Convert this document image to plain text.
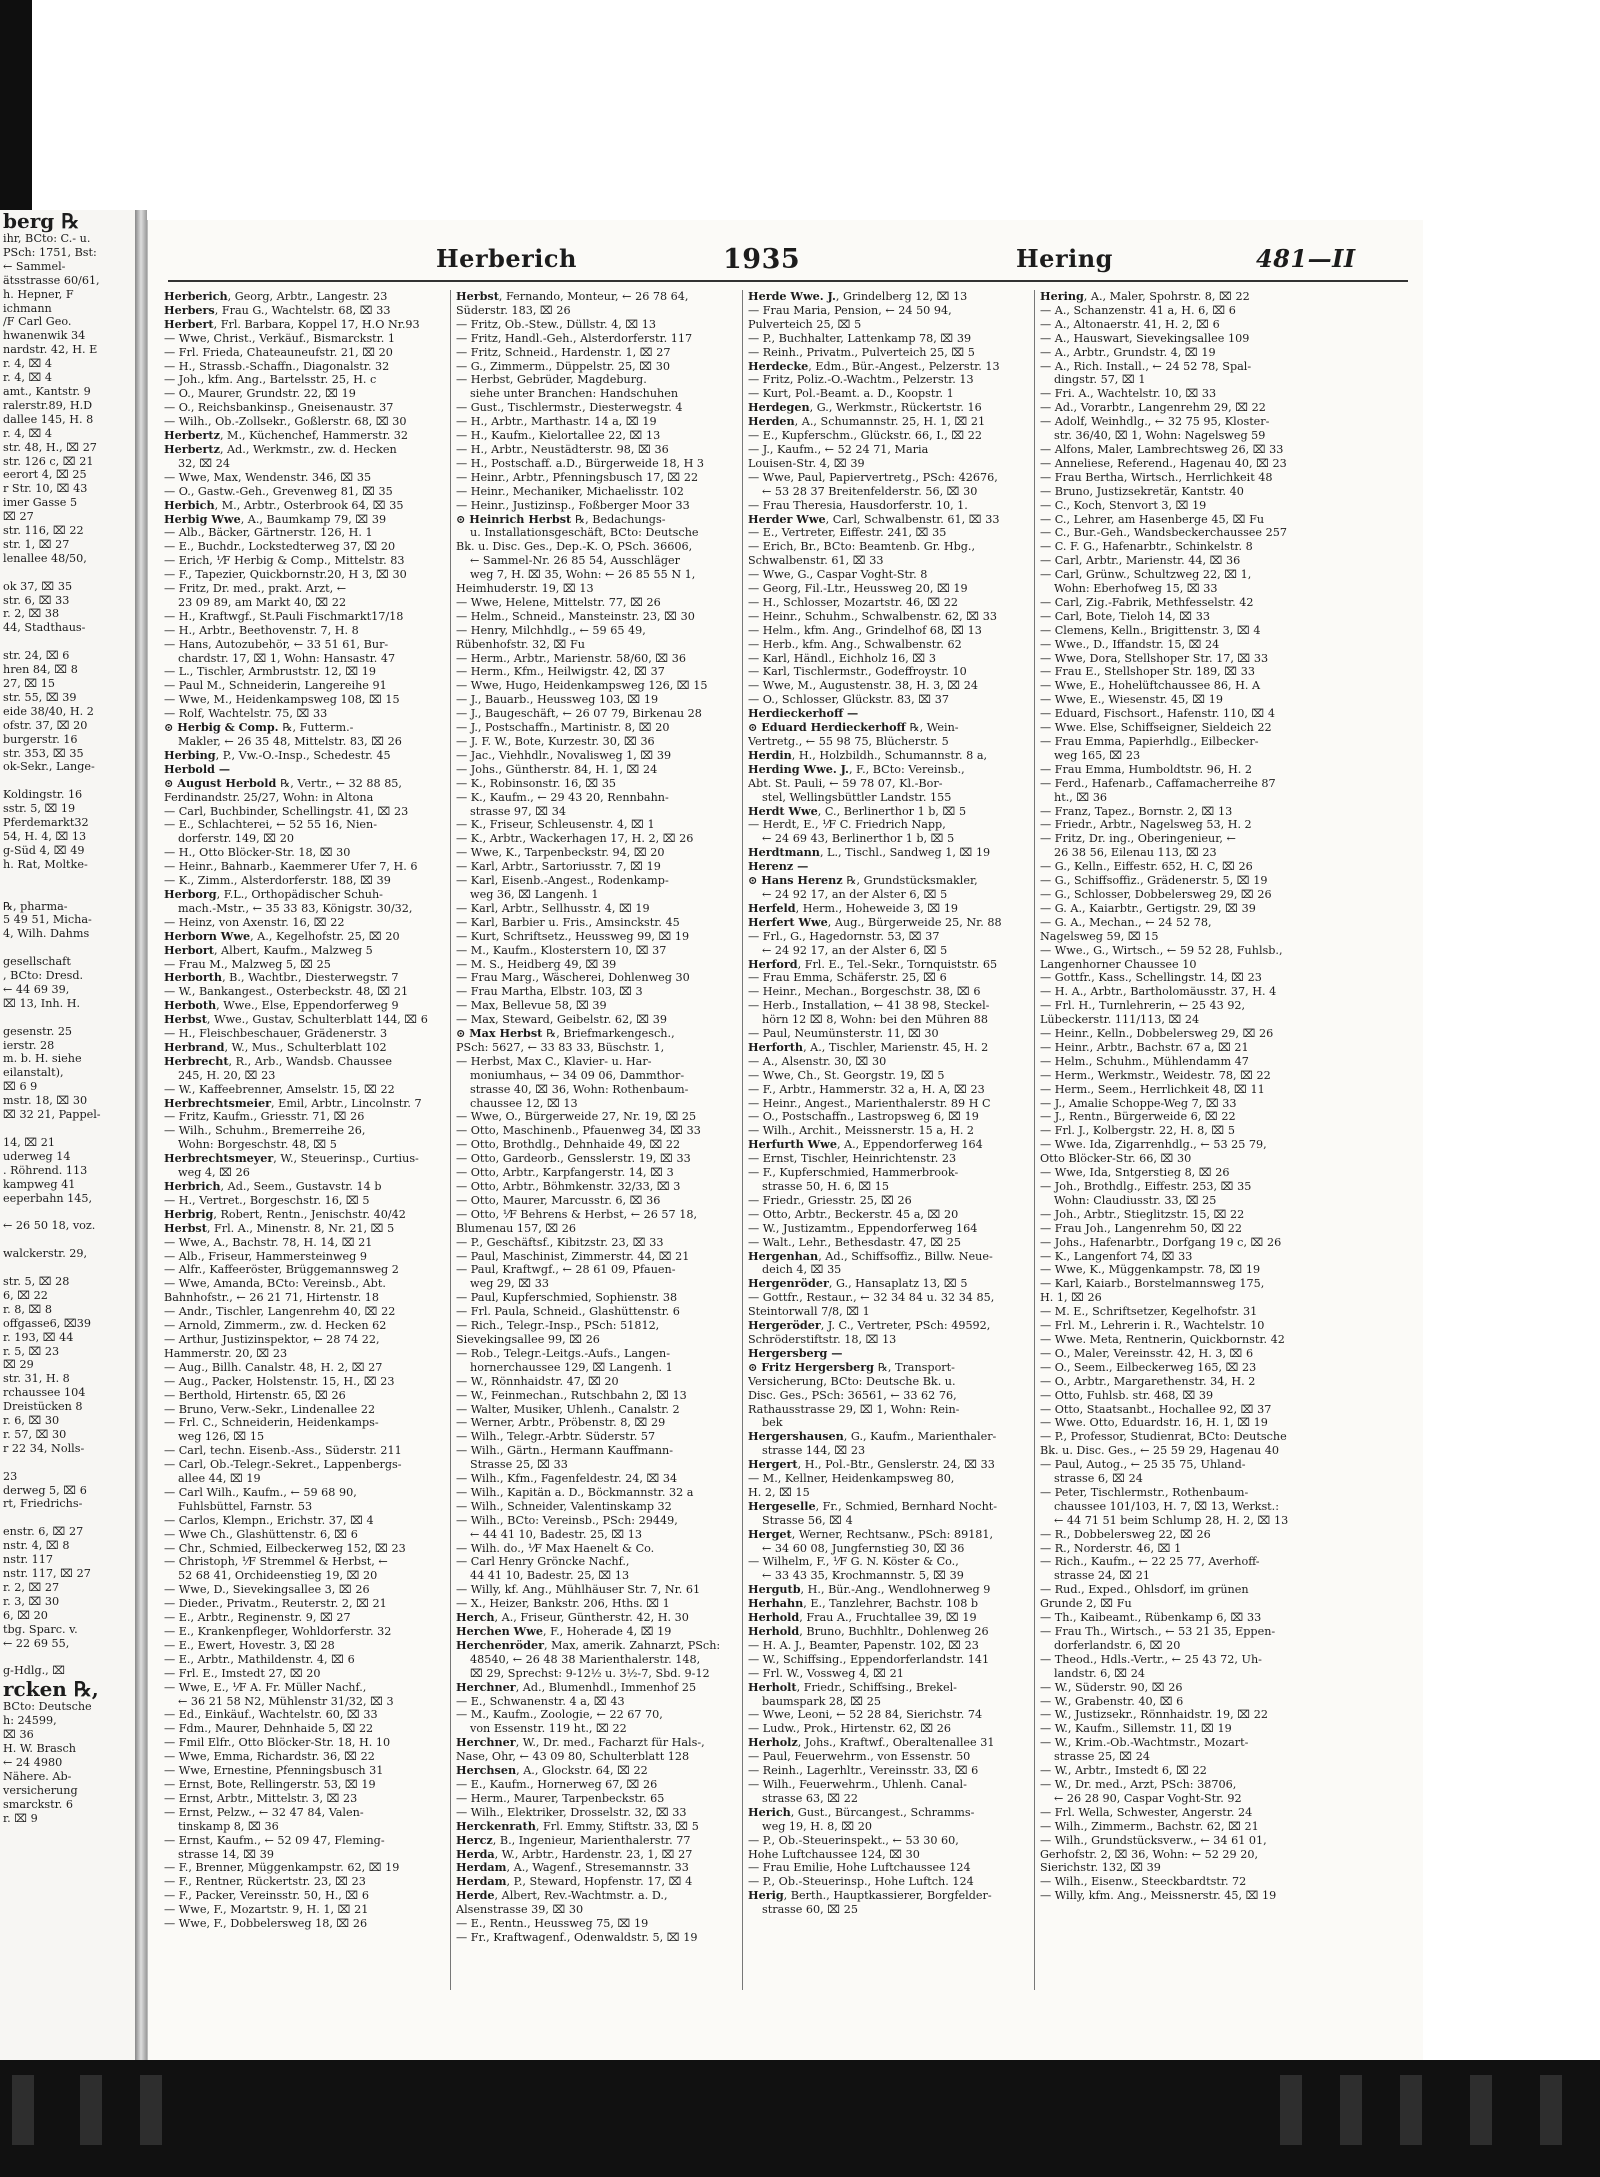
berg ℞
ihr, BCto: C.- u.
PSch: 1751, Bst:
← Sammel-
ätsstrasse 60/61,
h. Hepner, F
ichmann
/F Carl Geo.
hwanenwik 34
nardstr. 42, H. E
r. 4, ⌧ 4
r. 4, ⌧ 4
amt., Kantstr. 9
ralerstr.89, H.D
dallee 145, H. 8
r. 4, ⌧ 4
str. 48, H., ⌧ 27
str. 126 c, ⌧ 21
eerort 4, ⌧ 25
r Str. 10, ⌧ 43
imer Gasse 5
⌧ 27
str. 116, ⌧ 22
str. 1, ⌧ 27
lenallee 48/50,

ok 37, ⌧ 35
str. 6, ⌧ 33
r. 2, ⌧ 38
44, Stadthaus-

str. 24, ⌧ 6
hren 84, ⌧ 8
27, ⌧ 15
str. 55, ⌧ 39
eide 38/40, H. 2
ofstr. 37, ⌧ 20
burgerstr. 16
str. 353, ⌧ 35
ok-Sekr., Lange-

Koldingstr. 16
sstr. 5, ⌧ 19
Pferdemarkt32
54, H. 4, ⌧ 13
g-Süd 4, ⌧ 49
h. Rat, Moltke-

℞, pharma-
5 49 51, Micha-
4, Wilh. Dahms

gesellschaft
, BCto: Dresd.
← 44 69 39,
⌧ 13, Inh. H.

gesenstr. 25
ierstr. 28
m. b. H. siehe
eilanstalt),
⌧ 6 9
mstr. 18, ⌧ 30
⌧ 32 21, Pappel-

14, ⌧ 21
uderweg 14
. Röhrend. 113
kampweg 41
eeperbahn 145,

← 26 50 18, voz.

walckerstr. 29,

str. 5, ⌧ 28
6, ⌧ 22
r. 8, ⌧ 8
offgasse6, ⌧39
r. 193, ⌧ 44
r. 5, ⌧ 23
⌧ 29
str. 31, H. 8
rchaussee 104
Dreistücken 8
r. 6, ⌧ 30
r. 57, ⌧ 30
r 22 34, Nolls-

23
derweg 5, ⌧ 6
rt, Friedrichs-

enstr. 6, ⌧ 27
nstr. 4, ⌧ 8
nstr. 117
nstr. 117, ⌧ 27
r. 2, ⌧ 27
r. 3, ⌧ 30
6, ⌧ 20
tbg. Sparc. v.
← 22 69 55,

g-Hdlg., ⌧
rcken ℞,
BCto: Deutsche
h: 24599,
⌧ 36
H. W. Brasch
← 24 4980
Nähere. Ab-
versicherung
smarckstr. 6
r. ⌧ 9
Herberich	1935	Hering	481—II
Herberich, Georg, Arbtr., Langestr. 23
Herbers, Frau G., Wachtelstr. 68, ⌧ 33
Herbert, Frl. Barbara, Koppel 17, H.O Nr.93
— Wwe, Christ., Verkäuf., Bismarckstr. 1
— Frl. Frieda, Chateauneufstr. 21, ⌧ 20
— H., Strassb.-Schaffn., Diagonalstr. 32
— Joh., kfm. Ang., Bartelsstr. 25, H. c
— O., Maurer, Grundstr. 22, ⌧ 19
— O., Reichsbankinsp., Gneisenaustr. 37
— Wilh., Ob.-Zollsekr., Goßlerstr. 68, ⌧ 30
Herbertz, M., Küchenchef, Hammerstr. 32
Herbertz, Ad., Werkmstr., zw. d. Hecken
32, ⌧ 24
— Wwe, Max, Wendenstr. 346, ⌧ 35
— O., Gastw.-Geh., Grevenweg 81, ⌧ 35
Herbich, M., Arbtr., Osterbrook 64, ⌧ 35
Herbig Wwe, A., Baumkamp 79, ⌧ 39
— Alb., Bäcker, Gärtnerstr. 126, H. 1
— E., Buchdr., Lockstedterweg 37, ⌧ 20
— Erich, ⅟F Herbig & Comp., Mittelstr. 83
— F., Tapezier, Quickbornstr.20, H 3, ⌧ 30
— Fritz, Dr. med., prakt. Arzt, ←
23 09 89, am Markt 40, ⌧ 22
— H., Kraftwgf., St.Pauli Fischmarkt17/18
— H., Arbtr., Beethovenstr. 7, H. 8
— Hans, Autozubehör, ← 33 51 61, Bur-
chardstr. 17, ⌧ 1, Wohn: Hansastr. 47
— L., Tischler, Armbruststr. 12, ⌧ 19
— Paul M., Schneiderin, Langereihe 91
— Wwe, M., Heidenkampsweg 108, ⌧ 15
— Rolf, Wachtelstr. 75, ⌧ 33
⊙ Herbig & Comp. ℞, Futterm.-
Makler, ← 26 35 48, Mittelstr. 83, ⌧ 26
Herbing, P., Vw.-O.-Insp., Schedestr. 45
Herbold —
⊙ August Herbold ℞, Vertr., ← 32 88 85,
Ferdinandstr. 25/27, Wohn: in Altona
— Carl, Buchbinder, Schellingstr. 41, ⌧ 23
— E., Schlachterei, ← 52 55 16, Nien-
dorferstr. 149, ⌧ 20
— H., Otto Blöcker-Str. 18, ⌧ 30
— Heinr., Bahnarb., Kaemmerer Ufer 7, H. 6
— K., Zimm., Alsterdorferstr. 188, ⌧ 39
Herborg, F.L., Orthopädischer Schuh-
mach.-Mstr., ← 35 33 83, Königstr. 30/32,
— Heinz, von Axenstr. 16, ⌧ 22
Herborn Wwe, A., Kegelhofstr. 25, ⌧ 20
Herbort, Albert, Kaufm., Malzweg 5
— Frau M., Malzweg 5, ⌧ 25
Herborth, B., Wachtbr., Diesterwegstr. 7
— W., Bankangest., Osterbeckstr. 48, ⌧ 21
Herboth, Wwe., Else, Eppendorferweg 9
Herbst, Wwe., Gustav, Schulterblatt 144, ⌧ 6
— H., Fleischbeschauer, Grädenerstr. 3
Herbrand, W., Mus., Schulterblatt 102
Herbrecht, R., Arb., Wandsb. Chaussee
245, H. 20, ⌧ 23
— W., Kaffeebrenner, Amselstr. 15, ⌧ 22
Herbrechtsmeier, Emil, Arbtr., Lincolnstr. 7
— Fritz, Kaufm., Griesstr. 71, ⌧ 26
— Wilh., Schuhm., Bremerreihe 26,
Wohn: Borgeschstr. 48, ⌧ 5
Herbrechtsmeyer, W., Steuerinsp., Curtius-
weg 4, ⌧ 26
Herbrich, Ad., Seem., Gustavstr. 14 b
— H., Vertret., Borgeschstr. 16, ⌧ 5
Herbrig, Robert, Rentn., Jenischstr. 40/42
Herbst, Frl. A., Minenstr. 8, Nr. 21, ⌧ 5
— Wwe, A., Bachstr. 78, H. 14, ⌧ 21
— Alb., Friseur, Hammersteinweg 9
— Alfr., Kaffeeröster, Brüggemannsweg 2
— Wwe, Amanda, BCto: Vereinsb., Abt.
Bahnhofstr., ← 26 21 71, Hirtenstr. 18
— Andr., Tischler, Langenrehm 40, ⌧ 22
— Arnold, Zimmerm., zw. d. Hecken 62
— Arthur, Justizinspektor, ← 28 74 22,
Hammerstr. 20, ⌧ 23
— Aug., Billh. Canalstr. 48, H. 2, ⌧ 27
— Aug., Packer, Holstenstr. 15, H., ⌧ 23
— Berthold, Hirtenstr. 65, ⌧ 26
— Bruno, Verw.-Sekr., Lindenallee 22
— Frl. C., Schneiderin, Heidenkamps-
weg 126, ⌧ 15
— Carl, techn. Eisenb.-Ass., Süderstr. 211
— Carl, Ob.-Telegr.-Sekret., Lappenbergs-
allee 44, ⌧ 19
— Carl Wilh., Kaufm., ← 59 68 90,
Fuhlsbüttel, Farnstr. 53
— Carlos, Klempn., Erichstr. 37, ⌧ 4
— Wwe Ch., Glashüttenstr. 6, ⌧ 6
— Chr., Schmied, Eilbeckerweg 152, ⌧ 23
— Christoph, ⅟F Stremmel & Herbst, ←
52 68 41, Orchideenstieg 19, ⌧ 20
— Wwe, D., Sievekingsallee 3, ⌧ 26
— Dieder., Privatm., Reuterstr. 2, ⌧ 21
— E., Arbtr., Reginenstr. 9, ⌧ 27
— E., Krankenpfleger, Wohldorferstr. 32
— E., Ewert, Hovestr. 3, ⌧ 28
— E., Arbtr., Mathildenstr. 4, ⌧ 6
— Frl. E., Imstedt 27, ⌧ 20
— Wwe, E., ⅟F A. Fr. Müller Nachf.,
← 36 21 58 N2, Mühlenstr 31/32, ⌧ 3
— Ed., Einkäuf., Wachtelstr. 60, ⌧ 33
— Fdm., Maurer, Dehnhaide 5, ⌧ 22
— Fmil Elfr., Otto Blöcker-Str. 18, H. 10
— Wwe, Emma, Richardstr. 36, ⌧ 22
— Wwe, Ernestine, Pfenningsbusch 31
— Ernst, Bote, Rellingerstr. 53, ⌧ 19
— Ernst, Arbtr., Mittelstr. 3, ⌧ 23
— Ernst, Pelzw., ← 32 47 84, Valen-
tinskamp 8, ⌧ 36
— Ernst, Kaufm., ← 52 09 47, Fleming-
strasse 14, ⌧ 39
— F., Brenner, Müggenkampstr. 62, ⌧ 19
— F., Rentner, Rückertstr. 23, ⌧ 23
— F., Packer, Vereinsstr. 50, H., ⌧ 6
— Wwe, F., Mozartstr. 9, H. 1, ⌧ 21
— Wwe, F., Dobbelersweg 18, ⌧ 26
Herbst, Fernando, Monteur, ← 26 78 64,
Süderstr. 183, ⌧ 26
— Fritz, Ob.-Stew., Düllstr. 4, ⌧ 13
— Fritz, Handl.-Geh., Alsterdorferstr. 117
— Fritz, Schneid., Hardenstr. 1, ⌧ 27
— G., Zimmerm., Düppelstr. 25, ⌧ 30
— Herbst, Gebrüder, Magdeburg.
siehe unter Branchen: Handschuhen
— Gust., Tischlermstr., Diesterwegstr. 4
— H., Arbtr., Marthastr. 14 a, ⌧ 19
— H., Kaufm., Kielortallee 22, ⌧ 13
— H., Arbtr., Neustädterstr. 98, ⌧ 36
— H., Postschaff. a.D., Bürgerweide 18, H 3
— Heinr., Arbtr., Pfenningsbusch 17, ⌧ 22
— Heinr., Mechaniker, Michaelisstr. 102
— Heinr., Justizinsp., Foßberger Moor 33
⊙ Heinrich Herbst ℞, Bedachungs-
u. Installationsgeschäft, BCto: Deutsche
Bk. u. Disc. Ges., Dep.-K. O, PSch. 36606,
← Sammel-Nr. 26 85 54, Ausschläger
weg 7, H. ⌧ 35, Wohn: ← 26 85 55 N 1,
Heimhuderstr. 19, ⌧ 13
— Wwe, Helene, Mittelstr. 77, ⌧ 26
— Helm., Schneid., Mansteinstr. 23, ⌧ 30
— Henry, Milchhdlg., ← 59 65 49,
Rübenhofstr. 32, ⌧ Fu
— Herm., Arbtr., Marienstr. 58/60, ⌧ 36
— Herm., Kfm., Heilwigstr. 42, ⌧ 37
— Wwe, Hugo, Heidenkampsweg 126, ⌧ 15
— J., Bauarb., Heussweg 103, ⌧ 19
— J., Baugeschäft, ← 26 07 79, Birkenau 28
— J., Postschaffn., Martinistr. 8, ⌧ 20
— J. F. W., Bote, Kurzestr. 30, ⌧ 36
— Jac., Viehhdlr., Novalisweg 1, ⌧ 39
— Johs., Güntherstr. 84, H. 1, ⌧ 24
— K., Robinsonstr. 16, ⌧ 35
— K., Kaufm., ← 29 43 20, Rennbahn-
strasse 97, ⌧ 34
— K., Friseur, Schleusenstr. 4, ⌧ 1
— K., Arbtr., Wackerhagen 17, H. 2, ⌧ 26
— Wwe, K., Tarpenbeckstr. 94, ⌧ 20
— Karl, Arbtr., Sartoriusstr. 7, ⌧ 19
— Karl, Eisenb.-Angest., Rodenkamp-
weg 36, ⌧ Langenh. 1
— Karl, Arbtr., Sellhusstr. 4, ⌧ 19
— Karl, Barbier u. Fris., Amsinckstr. 45
— Kurt, Schriftsetz., Heussweg 99, ⌧ 19
— M., Kaufm., Klosterstern 10, ⌧ 37
— M. S., Heidberg 49, ⌧ 39
— Frau Marg., Wäscherei, Dohlenweg 30
— Frau Martha, Elbstr. 103, ⌧ 3
— Max, Bellevue 58, ⌧ 39
— Max, Steward, Geibelstr. 62, ⌧ 39
⊙ Max Herbst ℞, Briefmarkengesch.,
PSch: 5627, ← 33 83 33, Büschstr. 1,
— Herbst, Max C., Klavier- u. Har-
moniumhaus, ← 34 09 06, Dammthor-
strasse 40, ⌧ 36, Wohn: Rothenbaum-
chaussee 12, ⌧ 13
— Wwe, O., Bürgerweide 27, Nr. 19, ⌧ 25
— Otto, Maschinenb., Pfauenweg 34, ⌧ 33
— Otto, Brothdlg., Dehnhaide 49, ⌧ 22
— Otto, Gardeorb., Gensslerstr. 19, ⌧ 33
— Otto, Arbtr., Karpfangerstr. 14, ⌧ 3
— Otto, Arbtr., Böhmkenstr. 32/33, ⌧ 3
— Otto, Maurer, Marcusstr. 6, ⌧ 36
— Otto, ⅟F Behrens & Herbst, ← 26 57 18,
Blumenau 157, ⌧ 26
— P., Geschäftsf., Kibitzstr. 23, ⌧ 33
— Paul, Maschinist, Zimmerstr. 44, ⌧ 21
— Paul, Kraftwgf., ← 28 61 09, Pfauen-
weg 29, ⌧ 33
— Paul, Kupferschmied, Sophienstr. 38
— Frl. Paula, Schneid., Glashüttenstr. 6
— Rich., Telegr.-Insp., PSch: 51812,
Sievekingsallee 99, ⌧ 26
— Rob., Telegr.-Leitgs.-Aufs., Langen-
hornerchaussee 129, ⌧ Langenh. 1
— W., Rönnhaidstr. 47, ⌧ 20
— W., Feinmechan., Rutschbahn 2, ⌧ 13
— Walter, Musiker, Uhlenh., Canalstr. 2
— Werner, Arbtr., Pröbenstr. 8, ⌧ 29
— Wilh., Telegr.-Arbtr. Süderstr. 57
— Wilh., Gärtn., Hermann Kauffmann-
Strasse 25, ⌧ 33
— Wilh., Kfm., Fagenfeldestr. 24, ⌧ 34
— Wilh., Kapitän a. D., Böckmannstr. 32 a
— Wilh., Schneider, Valentinskamp 32
— Wilh., BCto: Vereinsb., PSch: 29449,
← 44 41 10, Badestr. 25, ⌧ 13
— Wilh. do., ⅟F Max Haenelt & Co.
— Carl Henry Gröncke Nachf.,
44 41 10, Badestr. 25, ⌧ 13
— Willy, kf. Ang., Mühlhäuser Str. 7, Nr. 61
— X., Heizer, Bankstr. 206, Hths. ⌧ 1
Herch, A., Friseur, Güntherstr. 42, H. 30
Herchen Wwe, F., Hoherade 4, ⌧ 19
Herchenröder, Max, amerik. Zahnarzt, PSch:
48540, ← 26 48 38 Marienthalerstr. 148,
⌧ 29, Sprechst: 9-12½ u. 3½-7, Sbd. 9-12
Herchner, Ad., Blumenhdl., Immenhof 25
— E., Schwanenstr. 4 a, ⌧ 43
— M., Kaufm., Zoologie, ← 22 67 70,
von Essenstr. 119 ht., ⌧ 22
Herchner, W., Dr. med., Facharzt für Hals-,
Nase, Ohr, ← 43 09 80, Schulterblatt 128
Herchsen, A., Glockstr. 64, ⌧ 22
— E., Kaufm., Hornerweg 67, ⌧ 26
— Herm., Maurer, Tarpenbeckstr. 65
— Wilh., Elektriker, Drosselstr. 32, ⌧ 33
Herckenrath, Frl. Emmy, Stiftstr. 33, ⌧ 5
Hercz, B., Ingenieur, Marienthalerstr. 77
Herda, W., Arbtr., Hardenstr. 23, 1, ⌧ 27
Herdam, A., Wagenf., Stresemannstr. 33
Herdam, P., Steward, Hopfenstr. 17, ⌧ 4
Herde, Albert, Rev.-Wachtmstr. a. D.,
Alsenstrasse 39, ⌧ 30
— E., Rentn., Heussweg 75, ⌧ 19
— Fr., Kraftwagenf., Odenwaldstr. 5, ⌧ 19
Herde Wwe. J., Grindelberg 12, ⌧ 13
— Frau Maria, Pension, ← 24 50 94,
Pulverteich 25, ⌧ 5
— P., Buchhalter, Lattenkamp 78, ⌧ 39
— Reinh., Privatm., Pulverteich 25, ⌧ 5
Herdecke, Edm., Bür.-Angest., Pelzerstr. 13
— Fritz, Poliz.-O.-Wachtm., Pelzerstr. 13
— Kurt, Pol.-Beamt. a. D., Koopstr. 1
Herdegen, G., Werkmstr., Rückertstr. 16
Herden, A., Schumannstr. 25, H. 1, ⌧ 21
— E., Kupferschm., Glückstr. 66, I., ⌧ 22
— J., Kaufm., ← 52 24 71, Maria
Louisen-Str. 4, ⌧ 39
— Wwe, Paul, Papiervertretg., PSch: 42676,
← 53 28 37 Breitenfelderstr. 56, ⌧ 30
— Frau Theresia, Hausdorferstr. 10, 1.
Herder Wwe, Carl, Schwalbenstr. 61, ⌧ 33
— E., Vertreter, Eiffestr. 241, ⌧ 35
— Erich, Br., BCto: Beamtenb. Gr. Hbg.,
Schwalbenstr. 61, ⌧ 33
— Wwe, G., Caspar Voght-Str. 8
— Georg, Fil.-Ltr., Heussweg 20, ⌧ 19
— H., Schlosser, Mozartstr. 46, ⌧ 22
— Heinr., Schuhm., Schwalbenstr. 62, ⌧ 33
— Helm., kfm. Ang., Grindelhof 68, ⌧ 13
— Herb., kfm. Ang., Schwalbenstr. 62
— Karl, Händl., Eichholz 16, ⌧ 3
— Karl, Tischlermstr., Godeffroystr. 10
— Wwe, M., Augustenstr. 38, H. 3, ⌧ 24
— O., Schlosser, Glückstr. 83, ⌧ 37
Herdieckerhoff —
⊙ Eduard Herdieckerhoff ℞, Wein-
Vertretg., ← 55 98 75, Blücherstr. 5
Herdin, H., Holzbildh., Schumannstr. 8 a,
Herding Wwe. J., F., BCto: Vereinsb.,
Abt. St. Pauli, ← 59 78 07, Kl.-Bor-
stel, Wellingsbüttler Landstr. 155
Herdt Wwe, C., Berlinerthor 1 b, ⌧ 5
— Herdt, E., ⅟F C. Friedrich Napp,
← 24 69 43, Berlinerthor 1 b, ⌧ 5
Herdtmann, L., Tischl., Sandweg 1, ⌧ 19
Herenz —
⊙ Hans Herenz ℞, Grundstücksmakler,
← 24 92 17, an der Alster 6, ⌧ 5
Herfeld, Herm., Hoheweide 3, ⌧ 19
Herfert Wwe, Aug., Bürgerweide 25, Nr. 88
— Frl., G., Hagedornstr. 53, ⌧ 37
← 24 92 17, an der Alster 6, ⌧ 5
Herford, Frl. E., Tel.-Sekr., Tornquiststr. 65
— Frau Emma, Schäferstr. 25, ⌧ 6
— Heinr., Mechan., Borgeschstr. 38, ⌧ 6
— Herb., Installation, ← 41 38 98, Steckel-
hörn 12 ⌧ 8, Wohn: bei den Mühren 88
— Paul, Neumünsterstr. 11, ⌧ 30
Herforth, A., Tischler, Marienstr. 45, H. 2
— A., Alsenstr. 30, ⌧ 30
— Wwe, Ch., St. Georgstr. 19, ⌧ 5
— F., Arbtr., Hammerstr. 32 a, H. A, ⌧ 23
— Heinr., Angest., Marienthalerstr. 89 H C
— O., Postschaffn., Lastropsweg 6, ⌧ 19
— Wilh., Archit., Meissnerstr. 15 a, H. 2
Herfurth Wwe, A., Eppendorferweg 164
— Ernst, Tischler, Heinrichtenstr. 23
— F., Kupferschmied, Hammerbrook-
strasse 50, H. 6, ⌧ 15
— Friedr., Griesstr. 25, ⌧ 26
— Otto, Arbtr., Beckerstr. 45 a, ⌧ 20
— W., Justizamtm., Eppendorferweg 164
— Walt., Lehr., Bethesdastr. 47, ⌧ 25
Hergenhan, Ad., Schiffsoffiz., Billw. Neue-
deich 4, ⌧ 35
Hergenröder, G., Hansaplatz 13, ⌧ 5
— Gottfr., Restaur., ← 32 34 84 u. 32 34 85,
Steintorwall 7/8, ⌧ 1
Hergeröder, J. C., Vertreter, PSch: 49592,
Schröderstiftstr. 18, ⌧ 13
Hergersberg —
⊙ Fritz Hergersberg ℞, Transport-
Versicherung, BCto: Deutsche Bk. u.
Disc. Ges., PSch: 36561, ← 33 62 76,
Rathausstrasse 29, ⌧ 1, Wohn: Rein-
bek
Hergershausen, G., Kaufm., Marienthaler-
strasse 144, ⌧ 23
Hergert, H., Pol.-Btr., Genslerstr. 24, ⌧ 33
— M., Kellner, Heidenkampsweg 80,
H. 2, ⌧ 15
Hergeselle, Fr., Schmied, Bernhard Nocht-
Strasse 56, ⌧ 4
Herget, Werner, Rechtsanw., PSch: 89181,
← 34 60 08, Jungfernstieg 30, ⌧ 36
— Wilhelm, F., ⅟F G. N. Köster & Co.,
← 33 43 35, Krochmannstr. 5, ⌧ 39
Hergutb, H., Bür.-Ang., Wendlohnerweg 9
Herhahn, E., Tanzlehrer, Bachstr. 108 b
Herhold, Frau A., Fruchtallee 39, ⌧ 19
Herhold, Bruno, Buchhltr., Dohlenweg 26
— H. A. J., Beamter, Papenstr. 102, ⌧ 23
— W., Schiffsing., Eppendorferlandstr. 141
— Frl. W., Vossweg 4, ⌧ 21
Herholt, Friedr., Schiffsing., Brekel-
baumspark 28, ⌧ 25
— Wwe, Leoni, ← 52 28 84, Sierichstr. 74
— Ludw., Prok., Hirtenstr. 62, ⌧ 26
Herholz, Johs., Kraftwf., Oberaltenallee 31
— Paul, Feuerwehrm., von Essenstr. 50
— Reinh., Lagerhltr., Vereinsstr. 33, ⌧ 6
— Wilh., Feuerwehrm., Uhlenh. Canal-
strasse 63, ⌧ 22
Herich, Gust., Bürcangest., Schramms-
weg 19, H. 8, ⌧ 20
— P., Ob.-Steuerinspekt., ← 53 30 60,
Hohe Luftchaussee 124, ⌧ 30
— Frau Emilie, Hohe Luftchaussee 124
— P., Ob.-Steuerinsp., Hohe Luftch. 124
Herig, Berth., Hauptkassierer, Borgfelder-
strasse 60, ⌧ 25
Hering, A., Maler, Spohrstr. 8, ⌧ 22
— A., Schanzenstr. 41 a, H. 6, ⌧ 6
— A., Altonaerstr. 41, H. 2, ⌧ 6
— A., Hauswart, Sievekingsallee 109
— A., Arbtr., Grundstr. 4, ⌧ 19
— A., Rich. Install., ← 24 52 78, Spal-
dingstr. 57, ⌧ 1
— Fri. A., Wachtelstr. 10, ⌧ 33
— Ad., Vorarbtr., Langenrehm 29, ⌧ 22
— Adolf, Weinhdlg., ← 32 75 95, Kloster-
str. 36/40, ⌧ 1, Wohn: Nagelsweg 59
— Alfons, Maler, Lambrechtsweg 26, ⌧ 33
— Anneliese, Referend., Hagenau 40, ⌧ 23
— Frau Bertha, Wirtsch., Herrlichkeit 48
— Bruno, Justizsekretär, Kantstr. 40
— C., Koch, Stenvort 3, ⌧ 19
— C., Lehrer, am Hasenberge 45, ⌧ Fu
— C., Bur.-Geh., Wandsbeckerchaussee 257
— C. F. G., Hafenarbtr., Schinkelstr. 8
— Carl, Arbtr., Marienstr. 44, ⌧ 36
— Carl, Grünw., Schultzweg 22, ⌧ 1,
Wohn: Eberhofweg 15, ⌧ 33
— Carl, Zig.-Fabrik, Methfesselstr. 42
— Carl, Bote, Tieloh 14, ⌧ 33
— Clemens, Kelln., Brigittenstr. 3, ⌧ 4
— Wwe., D., Iffandstr. 15, ⌧ 24
— Wwe, Dora, Stellshoper Str. 17, ⌧ 33
— Frau E., Stellshoper Str. 189, ⌧ 33
— Wwe, E., Hohelüftchaussee 86, H. A
— Wwe, E., Wiesenstr. 45, ⌧ 19
— Eduard, Fischsort., Hafenstr. 110, ⌧ 4
— Wwe. Else, Schiffseigner, Sieldeich 22
— Frau Emma, Papierhdlg., Eilbecker-
weg 165, ⌧ 23
— Frau Emma, Humboldtstr. 96, H. 2
— Ferd., Hafenarb., Caffamacherreihe 87
ht., ⌧ 36
— Franz, Tapez., Bornstr. 2, ⌧ 13
— Friedr., Arbtr., Nagelsweg 53, H. 2
— Fritz, Dr. ing., Oberingenieur, ←
26 38 56, Eilenau 113, ⌧ 23
— G., Kelln., Eiffestr. 652, H. C, ⌧ 26
— G., Schiffsoffiz., Grädenerstr. 5, ⌧ 19
— G., Schlosser, Dobbelersweg 29, ⌧ 26
— G. A., Kaiarbtr., Gertigstr. 29, ⌧ 39
— G. A., Mechan., ← 24 52 78,
Nagelsweg 59, ⌧ 15
— Wwe., G., Wirtsch., ← 59 52 28, Fuhlsb.,
Langenhorner Chaussee 10
— Gottfr., Kass., Schellingstr. 14, ⌧ 23
— H. A., Arbtr., Bartholomäusstr. 37, H. 4
— Frl. H., Turnlehrerin, ← 25 43 92,
Lübeckerstr. 111/113, ⌧ 24
— Heinr., Kelln., Dobbelersweg 29, ⌧ 26
— Heinr., Arbtr., Bachstr. 67 a, ⌧ 21
— Helm., Schuhm., Mühlendamm 47
— Herm., Werkmstr., Weidestr. 78, ⌧ 22
— Herm., Seem., Herrlichkeit 48, ⌧ 11
— J., Amalie Schoppe-Weg 7, ⌧ 33
— J., Rentn., Bürgerweide 6, ⌧ 22
— Frl. J., Kolbergstr. 22, H. 8, ⌧ 5
— Wwe. Ida, Zigarrenhdlg., ← 53 25 79,
Otto Blöcker-Str. 66, ⌧ 30
— Wwe, Ida, Sntgerstieg 8, ⌧ 26
— Joh., Brothdlg., Eiffestr. 253, ⌧ 35
Wohn: Claudiusstr. 33, ⌧ 25
— Joh., Arbtr., Stieglitzstr. 15, ⌧ 22
— Frau Joh., Langenrehm 50, ⌧ 22
— Johs., Hafenarbtr., Dorfgang 19 c, ⌧ 26
— K., Langenfort 74, ⌧ 33
— Wwe, K., Müggenkampstr. 78, ⌧ 19
— Karl, Kaiarb., Borstelmannsweg 175,
H. 1, ⌧ 26
— M. E., Schriftsetzer, Kegelhofstr. 31
— Frl. M., Lehrerin i. R., Wachtelstr. 10
— Wwe. Meta, Rentnerin, Quickbornstr. 42
— O., Maler, Vereinsstr. 42, H. 3, ⌧ 6
— O., Seem., Eilbeckerweg 165, ⌧ 23
— O., Arbtr., Margarethenstr. 34, H. 2
— Otto, Fuhlsb. str. 468, ⌧ 39
— Otto, Staatsanbt., Hochallee 92, ⌧ 37
— Wwe. Otto, Eduardstr. 16, H. 1, ⌧ 19
— P., Professor, Studienrat, BCto: Deutsche
Bk. u. Disc. Ges., ← 25 59 29, Hagenau 40
— Paul, Autog., ← 25 35 75, Uhland-
strasse 6, ⌧ 24
— Peter, Tischlermstr., Rothenbaum-
chaussee 101/103, H. 7, ⌧ 13, Werkst.:
← 44 71 51 beim Schlump 28, H. 2, ⌧ 13
— R., Dobbelersweg 22, ⌧ 26
— R., Norderstr. 46, ⌧ 1
— Rich., Kaufm., ← 22 25 77, Averhoff-
strasse 24, ⌧ 21
— Rud., Exped., Ohlsdorf, im grünen
Grunde 2, ⌧ Fu
— Th., Kaibeamt., Rübenkamp 6, ⌧ 33
— Frau Th., Wirtsch., ← 53 21 35, Eppen-
dorferlandstr. 6, ⌧ 20
— Theod., Hdls.-Vertr., ← 25 43 72, Uh-
landstr. 6, ⌧ 24
— W., Süderstr. 90, ⌧ 26
— W., Grabenstr. 40, ⌧ 6
— W., Justizsekr., Rönnhaidstr. 19, ⌧ 22
— W., Kaufm., Sillemstr. 11, ⌧ 19
— W., Krim.-Ob.-Wachtmstr., Mozart-
strasse 25, ⌧ 24
— W., Arbtr., Imstedt 6, ⌧ 22
— W., Dr. med., Arzt, PSch: 38706,
← 26 28 90, Caspar Voght-Str. 92
— Frl. Wella, Schwester, Angerstr. 24
— Wilh., Zimmerm., Bachstr. 62, ⌧ 21
— Wilh., Grundstücksverw., ← 34 61 01,
Gerhofstr. 2, ⌧ 36, Wohn: ← 52 29 20,
Sierichstr. 132, ⌧ 39
— Wilh., Eisenw., Steeckbardtstr. 72
— Willy, kfm. Ang., Meissnerstr. 45, ⌧ 19
